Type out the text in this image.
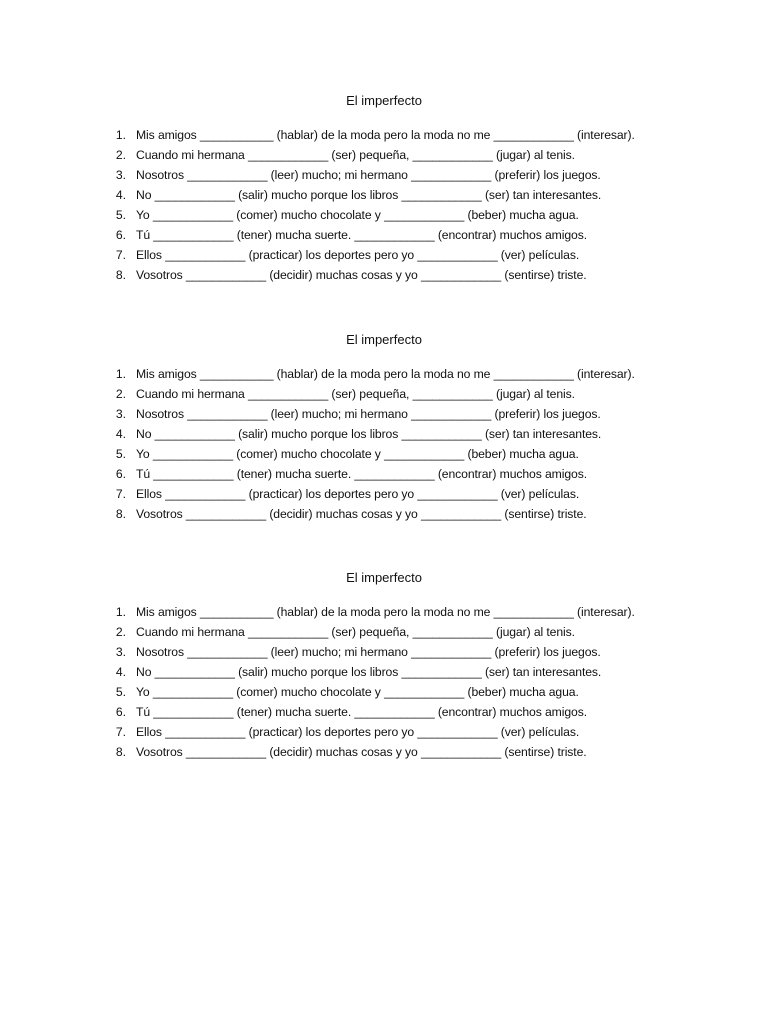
El imperfecto
1. Mis amigos ___________ (hablar) de la moda pero la moda no me ____________ (interesar).
2. Cuando mi hermana ____________ (ser) pequeña, ____________ (jugar) al tenis.
3. Nosotros ____________ (leer) mucho; mi hermano ____________ (preferir) los juegos.
4. No ____________ (salir) mucho porque los libros ____________ (ser) tan interesantes.
5. Yo ____________ (comer) mucho chocolate y ____________ (beber) mucha agua.
6. Tú ____________ (tener) mucha suerte. ____________ (encontrar) muchos amigos.
7. Ellos ____________ (practicar) los deportes pero yo ____________ (ver) películas.
8. Vosotros ____________ (decidir) muchas cosas y yo ____________ (sentirse) triste.
El imperfecto
1. Mis amigos ___________ (hablar) de la moda pero la moda no me ____________ (interesar).
2. Cuando mi hermana ____________ (ser) pequeña, ____________ (jugar) al tenis.
3. Nosotros ____________ (leer) mucho; mi hermano ____________ (preferir) los juegos.
4. No ____________ (salir) mucho porque los libros ____________ (ser) tan interesantes.
5. Yo ____________ (comer) mucho chocolate y ____________ (beber) mucha agua.
6. Tú ____________ (tener) mucha suerte. ____________ (encontrar) muchos amigos.
7. Ellos ____________ (practicar) los deportes pero yo ____________ (ver) películas.
8. Vosotros ____________ (decidir) muchas cosas y yo ____________ (sentirse) triste.
El imperfecto
1. Mis amigos ___________ (hablar) de la moda pero la moda no me ____________ (interesar).
2. Cuando mi hermana ____________ (ser) pequeña, ____________ (jugar) al tenis.
3. Nosotros ____________ (leer) mucho; mi hermano ____________ (preferir) los juegos.
4. No ____________ (salir) mucho porque los libros ____________ (ser) tan interesantes.
5. Yo ____________ (comer) mucho chocolate y ____________ (beber) mucha agua.
6. Tú ____________ (tener) mucha suerte. ____________ (encontrar) muchos amigos.
7. Ellos ____________ (practicar) los deportes pero yo ____________ (ver) películas.
8. Vosotros ____________ (decidir) muchas cosas y yo ____________ (sentirse) triste.
